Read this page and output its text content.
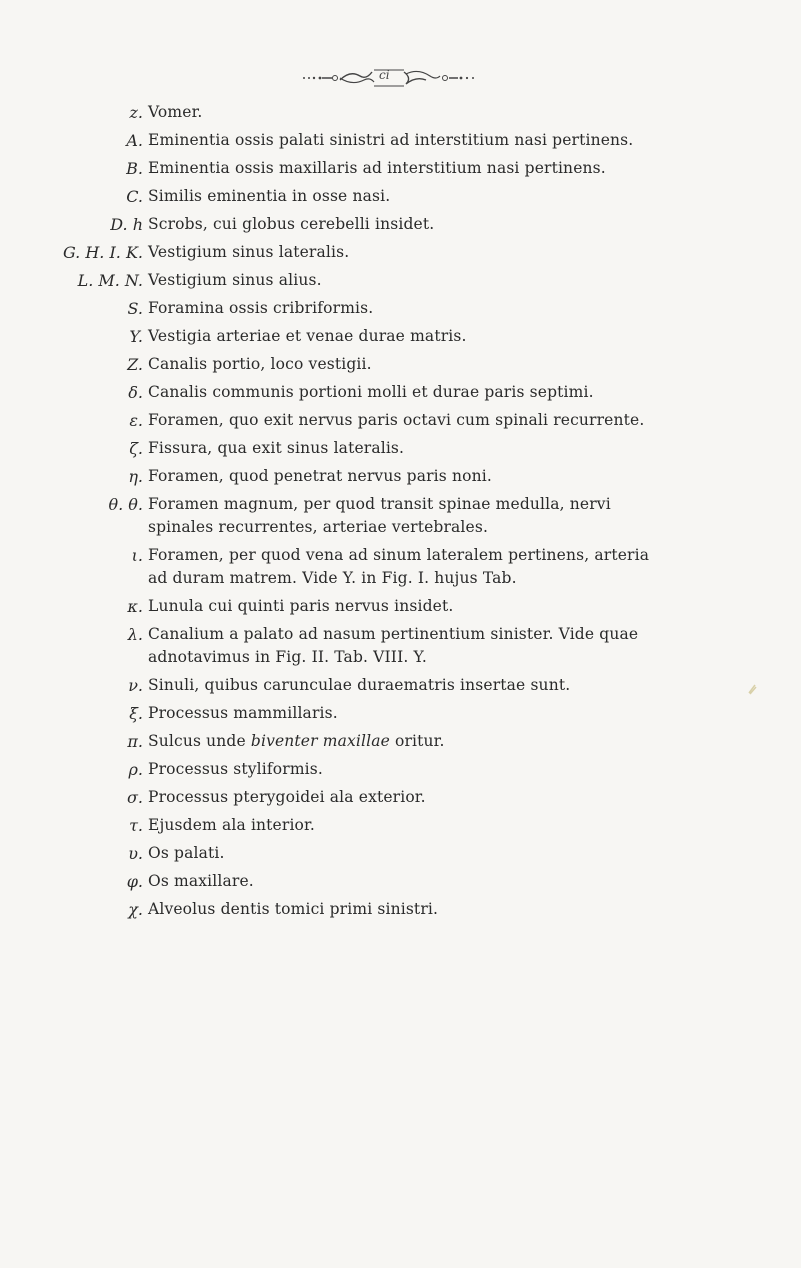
ci
z. Vomer.
A. Eminentia ossis palati sinistri ad interstitium nasi pertinens.
B. Eminentia ossis maxillaris ad interstitium nasi pertinens.
C. Similis eminentia in osse nasi.
D. h Scrobs, cui globus cerebelli insidet.
G. H. I. K. Vestigium sinus lateralis.
L. M. N. Vestigium sinus alius.
S. Foramina ossis cribriformis.
Y. Vestigia arteriae et venae durae matris.
Z. Canalis portio, loco vestigii.
δ. Canalis communis portioni molli et durae paris septimi.
ε. Foramen, quo exit nervus paris octavi cum spinali recurrente.
ζ. Fissura, qua exit sinus lateralis.
η. Foramen, quod penetrat nervus paris noni.
θ. θ. Foramen magnum, per quod transit spinae medulla, nervi spinales recurrentes, arteriae vertebrales.
ι. Foramen, per quod vena ad sinum lateralem pertinens, arteria ad duram matrem. Vide Y. in Fig. I. hujus Tab.
κ. Lunula cui quinti paris nervus insidet.
λ. Canalium a palato ad nasum pertinentium sinister. Vide quae adnotavimus in Fig. II. Tab. VIII. Y.
ν. Sinuli, quibus carunculae duraematris insertae sunt.
ξ. Processus mammillaris.
π. Sulcus unde biventer maxillae oritur.
ρ. Processus styliformis.
σ. Processus pterygoidei ala exterior.
τ. Ejusdem ala interior.
υ. Os palati.
φ. Os maxillare.
χ. Alveolus dentis tomici primi sinistri.
